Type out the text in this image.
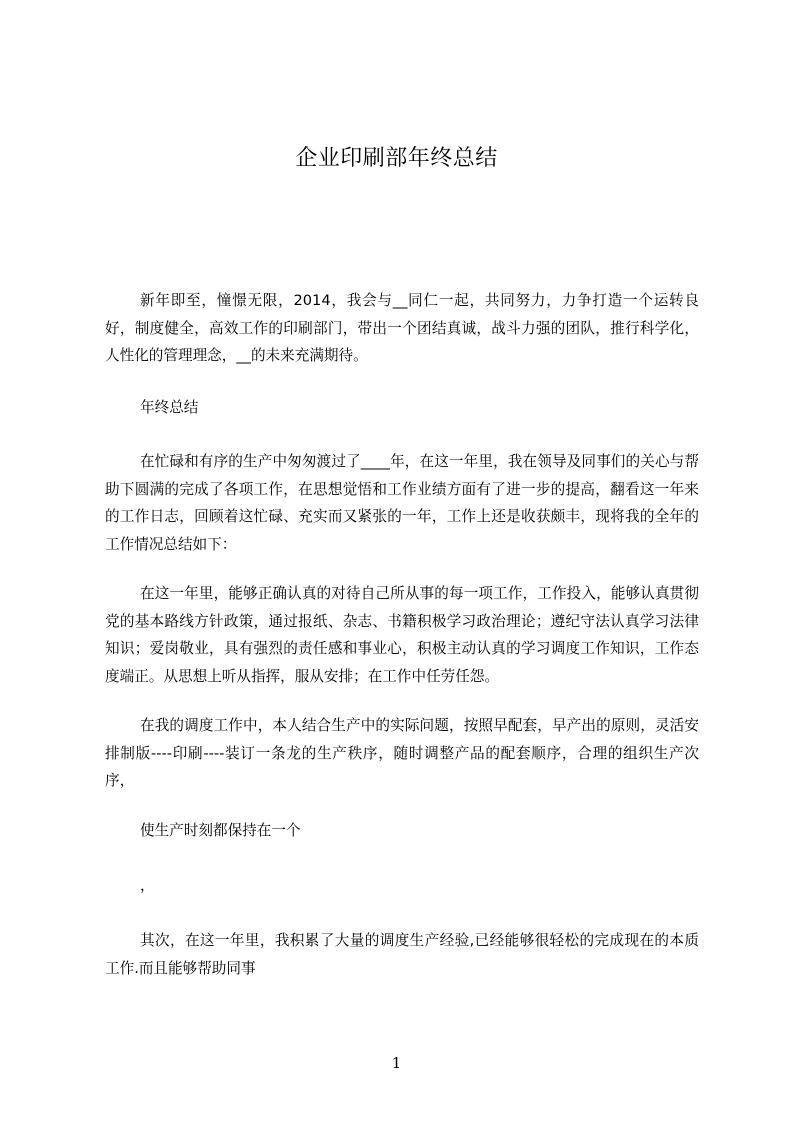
企业印刷部年终总结

新年即至，憧憬无限，2014，我会与__同仁一起，共同努力，力争打造一个运转良好，制度健全，高效工作的印刷部门，带出一个团结真诚，战斗力强的团队，推行科学化，人性化的管理理念，__的未来充满期待。

年终总结

在忙碌和有序的生产中匆匆渡过了____年，在这一年里，我在领导及同事们的关心与帮助下圆满的完成了各项工作，在思想觉悟和工作业绩方面有了进一步的提高，翻看这一年来的工作日志，回顾着这忙碌、充实而又紧张的一年，工作上还是收获颇丰，现将我的全年的工作情况总结如下：

在这一年里，能够正确认真的对待自己所从事的每一项工作，工作投入，能够认真贯彻党的基本路线方针政策，通过报纸、杂志、书籍积极学习政治理论；遵纪守法认真学习法律知识；爱岗敬业，具有强烈的责任感和事业心，积极主动认真的学习调度工作知识，工作态度端正。从思想上听从指挥，服从安排；在工作中任劳任怨。

在我的调度工作中，本人结合生产中的实际问题，按照早配套，早产出的原则，灵活安排制版----印刷----装订一条龙的生产秩序，随时调整产品的配套顺序，合理的组织生产次序，

使生产时刻都保持在一个

，

其次，在这一年里，我积累了大量的调度生产经验,已经能够很轻松的完成现在的本质工作.而且能够帮助同事

1
